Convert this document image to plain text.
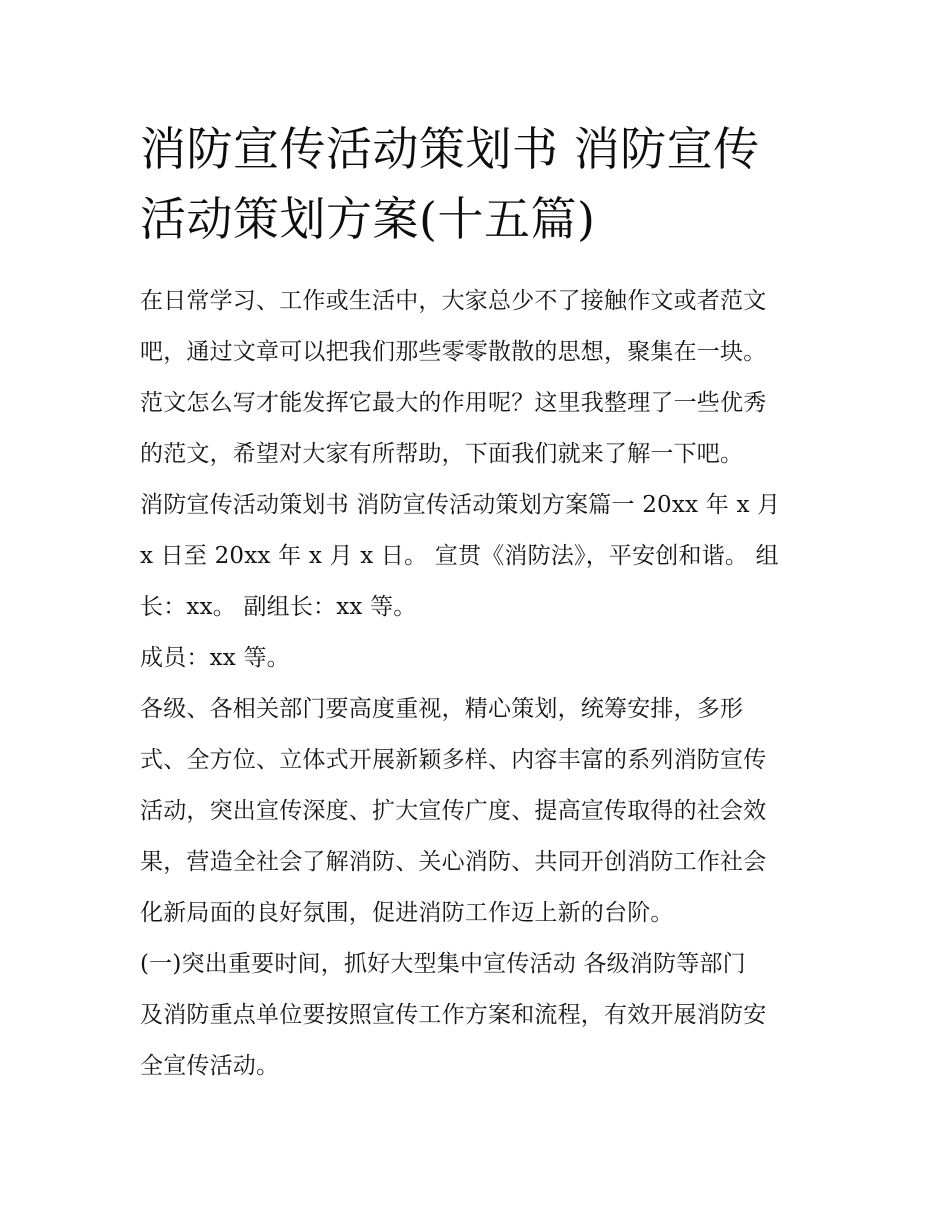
消防宣传活动策划书 消防宣传
活动策划方案(十五篇)
在日常学习、工作或生活中，大家总少不了接触作文或者范文
吧，通过文章可以把我们那些零零散散的思想，聚集在一块。
范文怎么写才能发挥它最大的作用呢？这里我整理了一些优秀
的范文，希望对大家有所帮助，下面我们就来了解一下吧。
消防宣传活动策划书 消防宣传活动策划方案篇一 20xx 年 x 月
x 日至 20xx 年 x 月 x 日。 宣贯《消防法》，平安创和谐。 组
长：xx。 副组长：xx 等。
成员：xx 等。
各级、各相关部门要高度重视，精心策划，统筹安排，多形
式、全方位、立体式开展新颖多样、内容丰富的系列消防宣传
活动，突出宣传深度、扩大宣传广度、提高宣传取得的社会效
果，营造全社会了解消防、关心消防、共同开创消防工作社会
化新局面的良好氛围，促进消防工作迈上新的台阶。
(一)突出重要时间，抓好大型集中宣传活动 各级消防等部门
及消防重点单位要按照宣传工作方案和流程，有效开展消防安
全宣传活动。
